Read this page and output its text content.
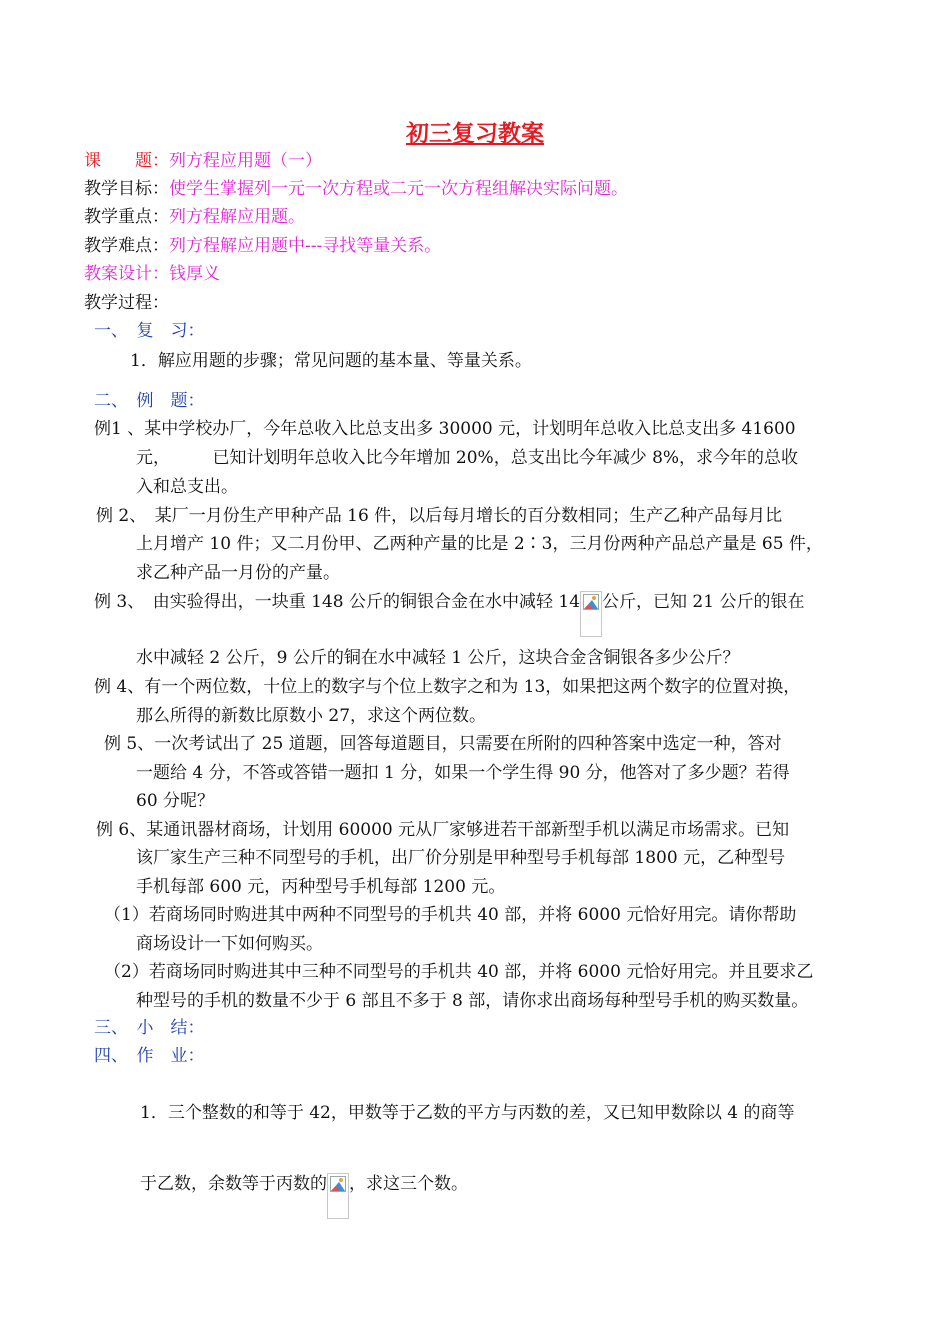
初三复习教案
课　　题：列方程应用题（一）
教学目标：使学生掌握列一元一次方程或二元一次方程组解决实际问题。
教学重点：列方程解应用题。
教学难点：列方程解应用题中---寻找等量关系。
教案设计：钱厚义
教学过程：
一、　复　习：
1．解应用题的步骤；常见问题的基本量、等量关系。
二、　例　题：
例1 、某中学校办厂，今年总收入比总支出多 30000 元，计划明年总收入比总支出多 41600
元，　　　已知计划明年总收入比今年增加 20%，总支出比今年减少 8%，求今年的总收
入和总支出。
例 2、　某厂一月份生产甲种产品 16 件，以后每月增长的百分数相同；生产乙种产品每月比
上月增产 10 件；又二月份甲、乙两种产量的比是 2∶3，三月份两种产品总产量是 65 件，
求乙种产品一月份的产量。
例 3、　由实验得出，一块重 148 公斤的铜银合金在水中减轻 14 公斤，已知 21 公斤的银在
水中减轻 2 公斤，9 公斤的铜在水中减轻 1 公斤，这块合金含铜银各多少公斤？
例 4、有一个两位数，十位上的数字与个位上数字之和为 13，如果把这两个数字的位置对换，
那么所得的新数比原数小 27，求这个两位数。
例 5、一次考试出了 25 道题，回答每道题目，只需要在所附的四种答案中选定一种，答对
一题给 4 分，不答或答错一题扣 1 分，如果一个学生得 90 分，他答对了多少题？若得
60 分呢？
例 6、某通讯器材商场，计划用 60000 元从厂家够进若干部新型手机以满足市场需求。已知
该厂家生产三种不同型号的手机，出厂价分别是甲种型号手机每部 1800 元，乙种型号
手机每部 600 元，丙种型号手机每部 1200 元。
（1）若商场同时购进其中两种不同型号的手机共 40 部，并将 6000 元恰好用完。请你帮助
商场设计一下如何购买。
（2）若商场同时购进其中三种不同型号的手机共 40 部，并将 6000 元恰好用完。并且要求乙
种型号的手机的数量不少于 6 部且不多于 8 部，请你求出商场每种型号手机的购买数量。
三、　小　结：
四、　作　业：
1．三个整数的和等于 42，甲数等于乙数的平方与丙数的差，又已知甲数除以 4 的商等
于乙数，余数等于丙数的 ，求这三个数。
